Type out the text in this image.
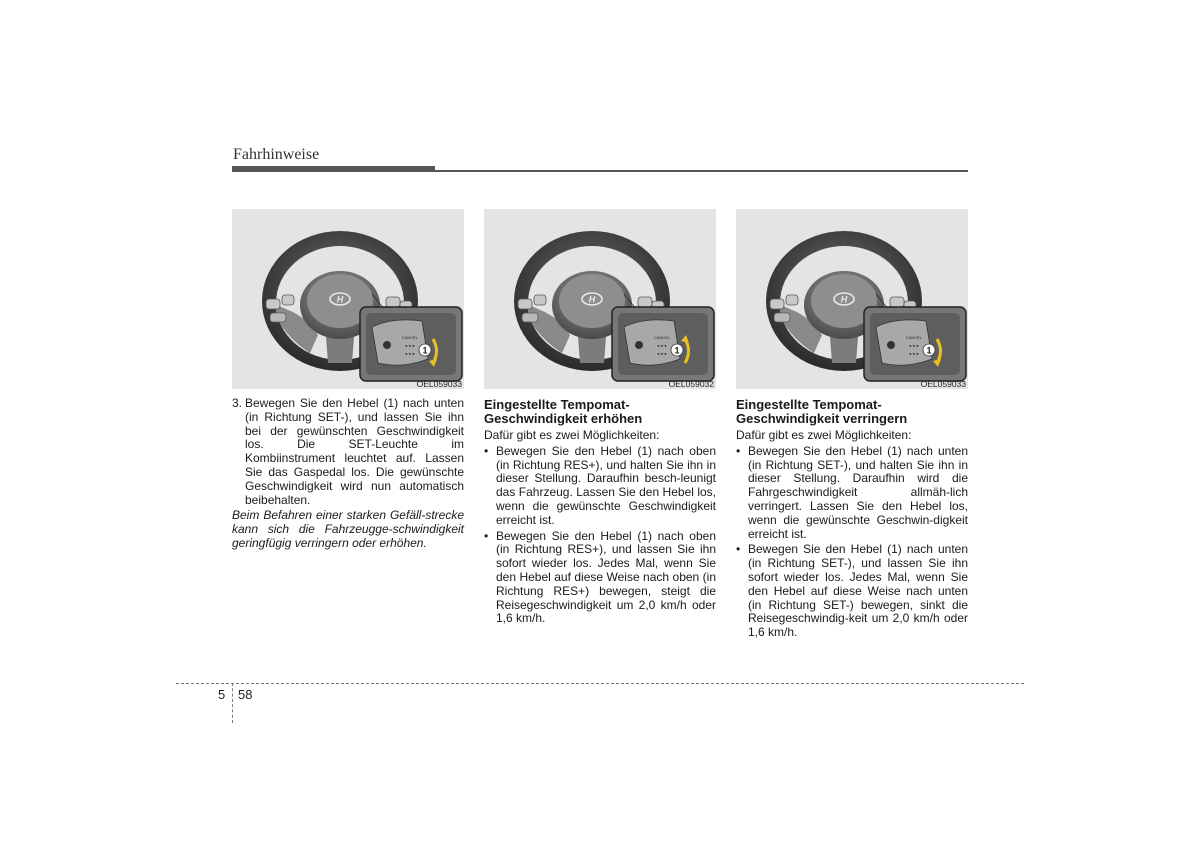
Fahrhinweise
CANCEL
● ● ●
● ● ● 1
OEL059033
3. Bewegen Sie den Hebel (1) nach unten (in Richtung SET-), und lassen Sie ihn bei der gewünschten Geschwindigkeit los. Die SET-Leuchte im Kombiinstrument leuchtet auf. Lassen Sie das Gaspedal los. Die gewünschte Geschwindigkeit wird nun automatisch beibehalten.
Beim Befahren einer starken Gefäll-strecke kann sich die Fahrzeugge-schwindigkeit geringfügig verringern oder erhöhen.
CANCEL
● ● ●
● ● ● 1
OEL059032
Eingestellte Tempomat-
Geschwindigkeit erhöhen
Dafür gibt es zwei Möglichkeiten:
• Bewegen Sie den Hebel (1) nach oben (in Richtung RES+), und halten Sie ihn in dieser Stellung. Daraufhin besch-leunigt das Fahrzeug. Lassen Sie den Hebel los, wenn die gewünschte Geschwindigkeit erreicht ist.
• Bewegen Sie den Hebel (1) nach oben (in Richtung RES+), und lassen Sie ihn sofort wieder los. Jedes Mal, wenn Sie den Hebel auf diese Weise nach oben (in Richtung RES+) bewegen, steigt die Reisegeschwindigkeit um 2,0 km/h oder 1,6 km/h.
CANCEL
● ● ●
● ● ● 1
OEL059033
Eingestellte Tempomat-
Geschwindigkeit verringern
Dafür gibt es zwei Möglichkeiten:
• Bewegen Sie den Hebel (1) nach unten (in Richtung SET-), und halten Sie ihn in dieser Stellung. Daraufhin wird die Fahrgeschwindigkeit allmäh-lich verringert. Lassen Sie den Hebel los, wenn die gewünschte Geschwin-digkeit erreicht ist.
• Bewegen Sie den Hebel (1) nach unten (in Richtung SET-), und lassen Sie ihn sofort wieder los. Jedes Mal, wenn Sie den Hebel auf diese Weise nach unten (in Richtung SET-) bewegen, sinkt die Reisegeschwindig-keit um 2,0 km/h oder 1,6 km/h.
5 58
